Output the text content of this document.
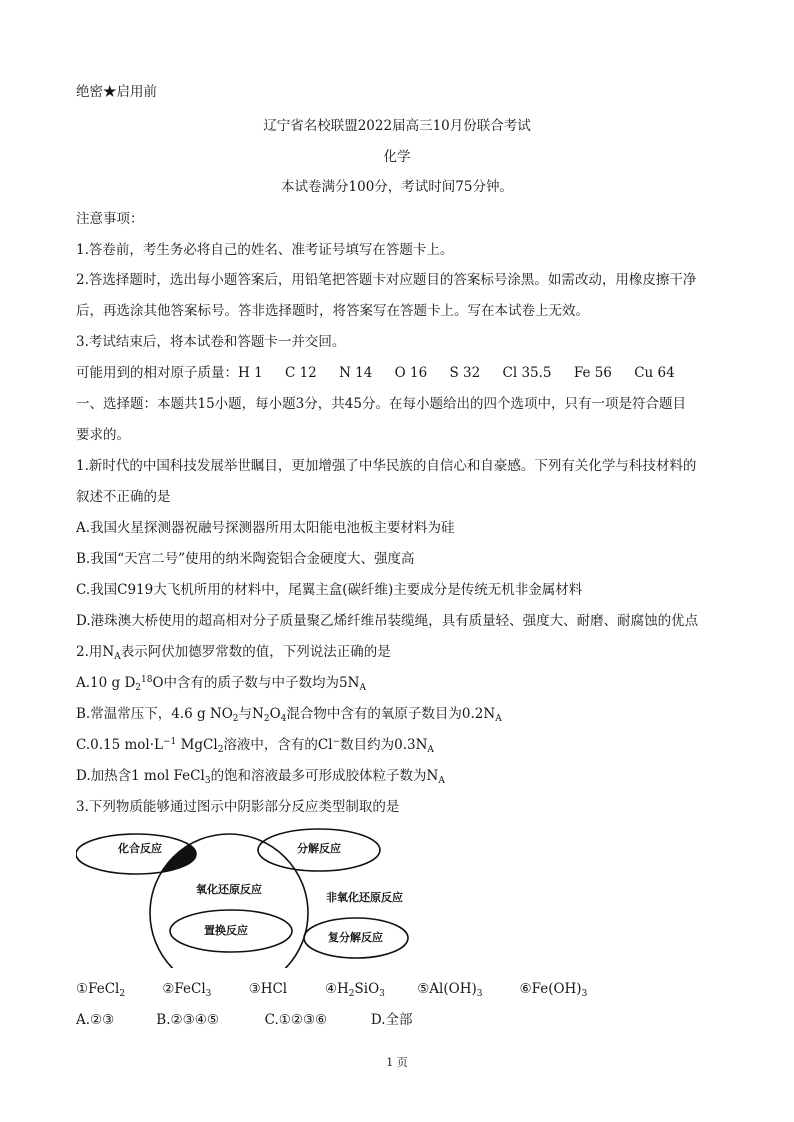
绝密★启用前
辽宁省名校联盟2022届高三10月份联合考试
化学
本试卷满分100分，考试时间75分钟。
注意事项：
1.答卷前，考生务必将自己的姓名、准考证号填写在答题卡上。
2.答选择题时，选出每小题答案后，用铅笔把答题卡对应题目的答案标号涂黑。如需改动，用橡皮擦干净
后，再选涂其他答案标号。答非选择题时，将答案写在答题卡上。写在本试卷上无效。
3.考试结束后，将本试卷和答题卡一并交回。
可能用到的相对原子质量：H 1 C 12 N 14 O 16 S 32 Cl 35.5 Fe 56 Cu 64
一、选择题：本题共15小题，每小题3分，共45分。在每小题给出的四个选项中，只有一项是符合题目
要求的。
1.新时代的中国科技发展举世瞩目，更加增强了中华民族的自信心和自豪感。下列有关化学与科技材料的
叙述不正确的是
A.我国火星探测器祝融号探测器所用太阳能电池板主要材料为硅
B.我国“天宫二号”使用的纳米陶瓷铝合金硬度大、强度高
C.我国C919大飞机所用的材料中，尾翼主盒(碳纤维)主要成分是传统无机非金属材料
D.港珠澳大桥使用的超高相对分子质量聚乙烯纤维吊装缆绳，具有质量轻、强度大、耐磨、耐腐蚀的优点
2.用$N_A$表示阿伏加德罗常数的值，下列说法正确的是
A.10 g $D_2^{18}O$中含有的质子数与中子数均为$5N_A$
B.常温常压下，4.6 g $NO_2$与$N_2O_4$混合物中含有的氧原子数目为$0.2N_A$
C.0.15 $mol\cdot L^{-1}$ MgCl$_2$溶液中，含有的Cl−数目约为$0.3N_A$
D.加热含1 mol FeCl$_3$的饱和溶液最多可形成胶体粒子数为$N_A$
3.下列物质能够通过图示中阴影部分反应类型制取的是
化合反应	分解反应
氧化还原反应
非氧化还原反应
置换反应
复分解反应
①FeCl$_2$	②FeCl$_3$	③HCl	$④H_2SiO_3$ $⑤Al(OH)_3$	$⑥Fe(OH)_3$
A.②③	B.②③④⑤	C.①②③⑥	D.全部
1 页
